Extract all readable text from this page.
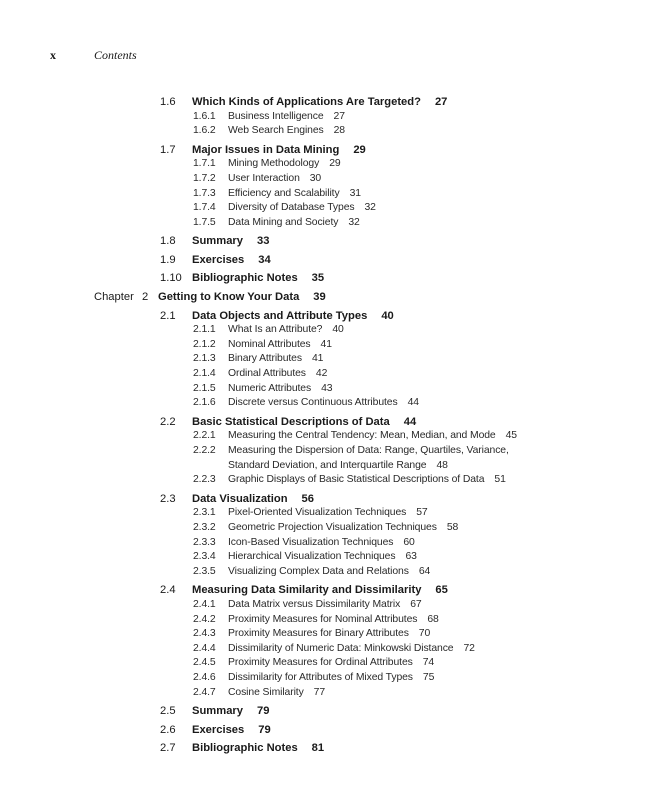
x	Contents
1.6 Which Kinds of Applications Are Targeted? 27
1.6.1 Business Intelligence 27
1.6.2 Web Search Engines 28
1.7 Major Issues in Data Mining 29
1.7.1 Mining Methodology 29
1.7.2 User Interaction 30
1.7.3 Efficiency and Scalability 31
1.7.4 Diversity of Database Types 32
1.7.5 Data Mining and Society 32
1.8 Summary 33
1.9 Exercises 34
1.10 Bibliographic Notes 35
Chapter 2 Getting to Know Your Data 39
2.1 Data Objects and Attribute Types 40
2.1.1 What Is an Attribute? 40
2.1.2 Nominal Attributes 41
2.1.3 Binary Attributes 41
2.1.4 Ordinal Attributes 42
2.1.5 Numeric Attributes 43
2.1.6 Discrete versus Continuous Attributes 44
2.2 Basic Statistical Descriptions of Data 44
2.2.1 Measuring the Central Tendency: Mean, Median, and Mode 45
2.2.2 Measuring the Dispersion of Data: Range, Quartiles, Variance,
Standard Deviation, and Interquartile Range 48
2.2.3 Graphic Displays of Basic Statistical Descriptions of Data 51
2.3 Data Visualization 56
2.3.1 Pixel-Oriented Visualization Techniques 57
2.3.2 Geometric Projection Visualization Techniques 58
2.3.3 Icon-Based Visualization Techniques 60
2.3.4 Hierarchical Visualization Techniques 63
2.3.5 Visualizing Complex Data and Relations 64
2.4 Measuring Data Similarity and Dissimilarity 65
2.4.1 Data Matrix versus Dissimilarity Matrix 67
2.4.2 Proximity Measures for Nominal Attributes 68
2.4.3 Proximity Measures for Binary Attributes 70
2.4.4 Dissimilarity of Numeric Data: Minkowski Distance 72
2.4.5 Proximity Measures for Ordinal Attributes 74
2.4.6 Dissimilarity for Attributes of Mixed Types 75
2.4.7 Cosine Similarity 77
2.5 Summary 79
2.6 Exercises 79
2.7 Bibliographic Notes 81
